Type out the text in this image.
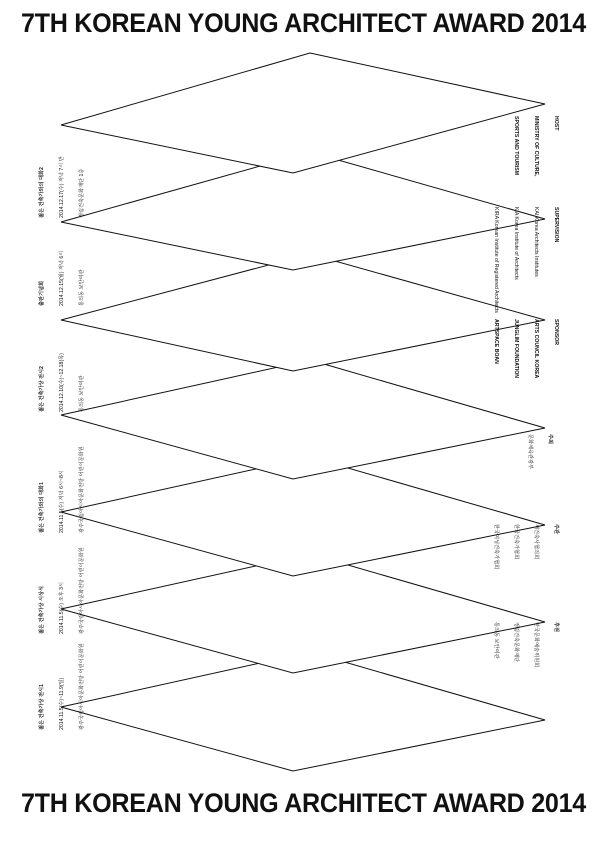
7TH KOREAN YOUNG ARCHITECT AWARD 2014

HOST

MINISTRY OF CULTURE,

SPORTS AND TOURISM

SUPERVISION

KAI Korea Architects Institutes

KIA Korea Institute of Architects

KIRA Korean Institute of Registered Architects

SPONSOR

ARTS COUNCIL KOREA

JUNGLIM FOUNDATION

ARTSPACE BOAN

주최

문화체육관광부

주관

새건축사협의회

한국건축가협회

한국여성건축가협회

후원

한국문화예술위원회

정림건축문화재단

통의동 보안여관

젊은 건축가와의 대화2

	2014.12.17(수) 저녁 7시 반

	정림건축문화재단 1층

출판기념회

	2014.12.15(월) 저녁 6시

	통의동 보안여관

젊은 건축가상 전시2

	2014.12.10(수)~12.18(목)

	통의동 보안여관

젊은 건축가와의 대화1

	2014.11.5(수) 저녁 6시~8시

	광주국립아시아문화전당 어린이문화원

젊은 건축가상 시상식

	2014.11.5(수) 오후 3시

	광주국립아시아문화전당 어린이문화원

젊은 건축가상 전시1

	2014.11.5(수)~11.9(일)

	광주국립아시아문화전당 어린이문화원

7TH KOREAN YOUNG ARCHITECT AWARD 2014
